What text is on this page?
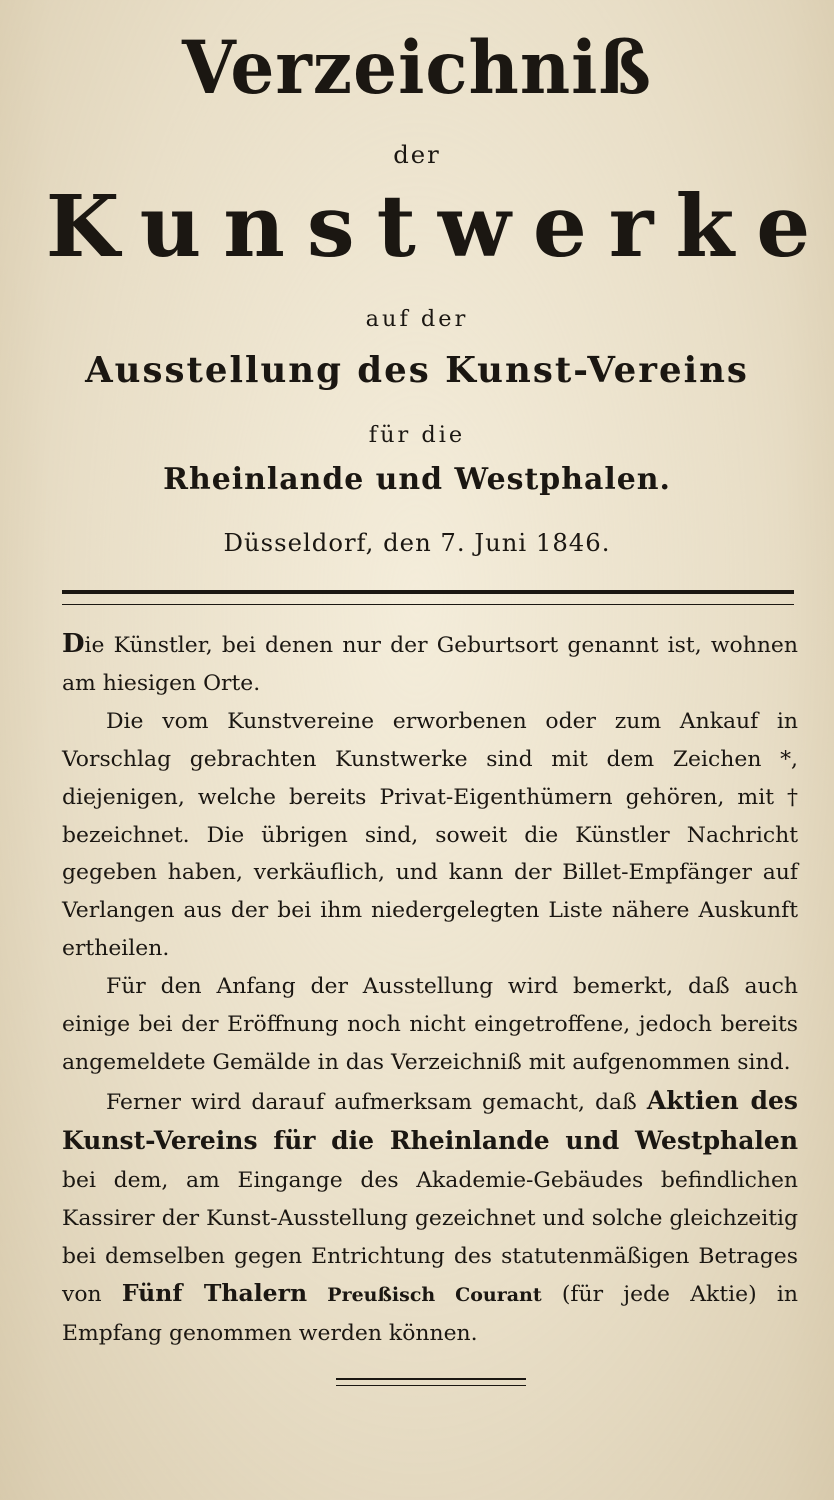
Verzeichniß
der
Kunstwerke
auf der
Ausstellung des Kunst-Vereins
für die
Rheinlande und Westphalen.
Düsseldorf, den 7. Juni 1846.

Die Künstler, bei denen nur der Geburtsort genannt ist, wohnen am hiesigen Orte.

Die vom Kunstvereine erworbenen oder zum Ankauf in Vorschlag gebrachten Kunstwerke sind mit dem Zeichen *, diejenigen, welche bereits Privat-Eigenthümern gehören, mit † bezeichnet. Die übrigen sind, soweit die Künstler Nachricht gegeben haben, verkäuflich, und kann der Billet-Empfänger auf Verlangen aus der bei ihm niedergelegten Liste nähere Auskunft ertheilen.

Für den Anfang der Ausstellung wird bemerkt, daß auch einige bei der Eröffnung noch nicht eingetroffene, jedoch bereits angemeldete Gemälde in das Verzeichniß mit aufgenommen sind.

Ferner wird darauf aufmerksam gemacht, daß Aktien des Kunst-Vereins für die Rheinlande und Westphalen bei dem, am Eingange des Akademie-Gebäudes befindlichen Kassirer der Kunst-Ausstellung gezeichnet und solche gleichzeitig bei demselben gegen Entrichtung des statutenmäßigen Betrages von Fünf Thalern Preußisch Courant (für jede Aktie) in Empfang genommen werden können.
